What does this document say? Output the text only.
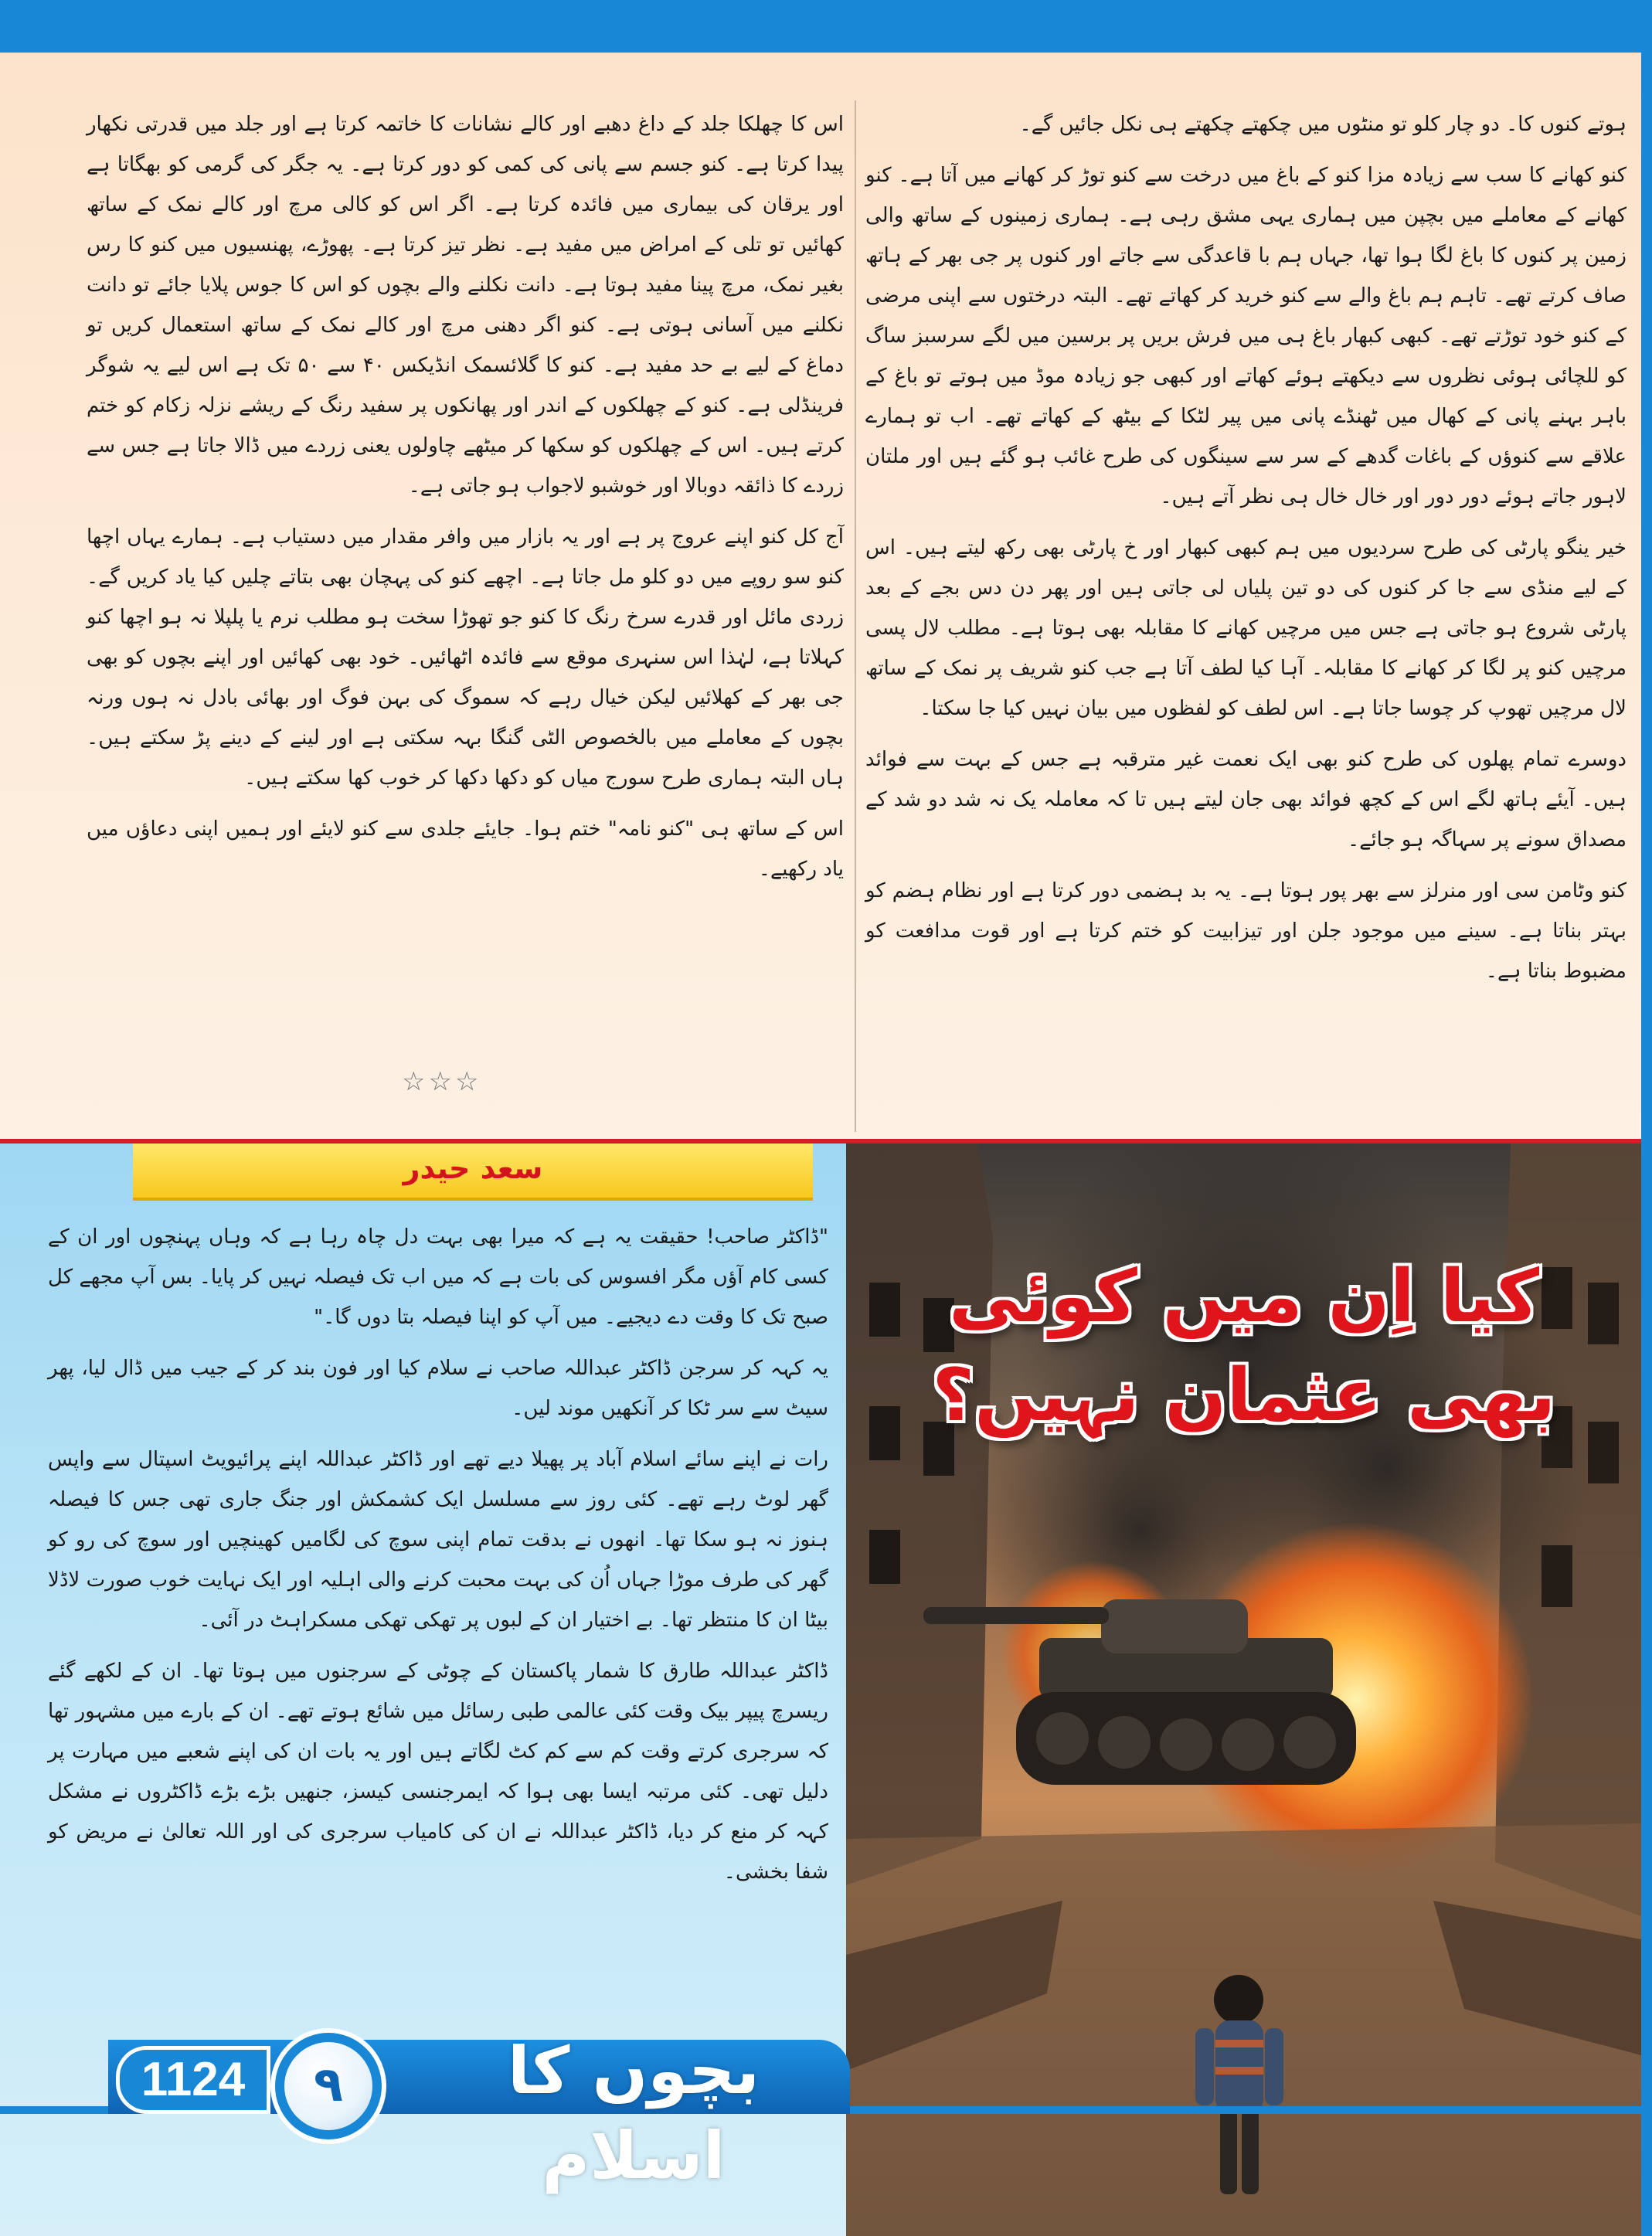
ہوتے کنوں کا۔ دو چار کلو تو منٹوں میں چکھتے چکھتے ہی نکل جائیں گے۔

کنو کھانے کا سب سے زیادہ مزا کنو کے باغ میں درخت سے کنو توڑ کر کھانے میں آتا ہے۔ کنو کھانے کے معاملے میں بچپن میں ہماری یہی مشق رہی ہے۔ ہماری زمینوں کے ساتھ والی زمین پر کنوں کا باغ لگا ہوا تھا، جہاں ہم با قاعدگی سے جاتے اور کنوں پر جی بھر کے ہاتھ صاف کرتے تھے۔ تاہم ہم باغ والے سے کنو خرید کر کھاتے تھے۔ البتہ درختوں سے اپنی مرضی کے کنو خود توڑتے تھے۔ کبھی کبھار باغ ہی میں فرش بریں پر برسین میں لگے سرسبز ساگ کو للچائی ہوئی نظروں سے دیکھتے ہوئے کھاتے اور کبھی جو زیادہ موڈ میں ہوتے تو باغ کے باہر بہنے پانی کے کھال میں ٹھنڈے پانی میں پیر لٹکا کے بیٹھ کے کھاتے تھے۔ اب تو ہمارے علاقے سے کنوؤں کے باغات گدھے کے سر سے سینگوں کی طرح غائب ہو گئے ہیں اور ملتان لاہور جاتے ہوئے دور دور اور خال خال ہی نظر آتے ہیں۔

خیر ینگو پارٹی کی طرح سردیوں میں ہم کبھی کبھار اور خ پارٹی بھی رکھ لیتے ہیں۔ اس کے لیے منڈی سے جا کر کنوں کی دو تین پلیاں لی جاتی ہیں اور پھر دن دس بجے کے بعد پارٹی شروع ہو جاتی ہے جس میں مرچیں کھانے کا مقابلہ بھی ہوتا ہے۔ مطلب لال پسی مرچیں کنو پر لگا کر کھانے کا مقابلہ۔ آہا کیا لطف آتا ہے جب کنو شریف پر نمک کے ساتھ لال مرچیں تھوپ کر چوسا جاتا ہے۔ اس لطف کو لفظوں میں بیان نہیں کیا جا سکتا۔

دوسرے تمام پھلوں کی طرح کنو بھی ایک نعمت غیر مترقبہ ہے جس کے بہت سے فوائد ہیں۔ آیئے ہاتھ لگے اس کے کچھ فوائد بھی جان لیتے ہیں تا کہ معاملہ یک نہ شد دو شد کے مصداق سونے پر سہاگہ ہو جائے۔

کنو وٹامن سی اور منرلز سے بھر پور ہوتا ہے۔ یہ بد ہضمی دور کرتا ہے اور نظام ہضم کو بہتر بناتا ہے۔ سینے میں موجود جلن اور تیزابیت کو ختم کرتا ہے اور قوت مدافعت کو مضبوط بناتا ہے۔

اس کا چھلکا جلد کے داغ دھبے اور کالے نشانات کا خاتمہ کرتا ہے اور جلد میں قدرتی نکھار پیدا کرتا ہے۔ کنو جسم سے پانی کی کمی کو دور کرتا ہے۔ یہ جگر کی گرمی کو بھگاتا ہے اور یرقان کی بیماری میں فائدہ کرتا ہے۔ اگر اس کو کالی مرچ اور کالے نمک کے ساتھ کھائیں تو تلی کے امراض میں مفید ہے۔ نظر تیز کرتا ہے۔ پھوڑے، پھنسیوں میں کنو کا رس بغیر نمک، مرچ پینا مفید ہوتا ہے۔ دانت نکلنے والے بچوں کو اس کا جوس پلایا جائے تو دانت نکلنے میں آسانی ہوتی ہے۔ کنو اگر دھنی مرچ اور کالے نمک کے ساتھ استعمال کریں تو دماغ کے لیے بے حد مفید ہے۔ کنو کا گلائسمک انڈیکس ۴۰ سے ۵۰ تک ہے اس لیے یہ شوگر فرینڈلی ہے۔ کنو کے چھلکوں کے اندر اور پھانکوں پر سفید رنگ کے ریشے نزلہ زکام کو ختم کرتے ہیں۔ اس کے چھلکوں کو سکھا کر میٹھے چاولوں یعنی زردے میں ڈالا جاتا ہے جس سے زردے کا ذائقہ دوبالا اور خوشبو لاجواب ہو جاتی ہے۔

آج کل کنو اپنے عروج پر ہے اور یہ بازار میں وافر مقدار میں دستیاب ہے۔ ہمارے یہاں اچھا کنو سو روپے میں دو کلو مل جاتا ہے۔ اچھے کنو کی پہچان بھی بتاتے چلیں کیا یاد کریں گے۔ زردی مائل اور قدرے سرخ رنگ کا کنو جو تھوڑا سخت ہو مطلب نرم یا پلپلا نہ ہو اچھا کنو کہلاتا ہے، لہٰذا اس سنہری موقع سے فائدہ اٹھائیں۔ خود بھی کھائیں اور اپنے بچوں کو بھی جی بھر کے کھلائیں لیکن خیال رہے کہ سموگ کی بہن فوگ اور بھائی بادل نہ ہوں ورنہ بچوں کے معاملے میں بالخصوص الٹی گنگا بہہ سکتی ہے اور لینے کے دینے پڑ سکتے ہیں۔ ہاں البتہ ہماری طرح سورج میاں کو دکھا دکھا کر خوب کھا سکتے ہیں۔

اس کے ساتھ ہی "کنو نامہ" ختم ہوا۔ جایئے جلدی سے کنو لایئے اور ہمیں اپنی دعاؤں میں یاد رکھیے۔

☆☆☆
سعد حیدر

"ڈاکٹر صاحب! حقیقت یہ ہے کہ میرا بھی بہت دل چاہ رہا ہے کہ وہاں پہنچوں اور ان کے کسی کام آؤں مگر افسوس کی بات ہے کہ میں اب تک فیصلہ نہیں کر پایا۔ بس آپ مجھے کل صبح تک کا وقت دے دیجیے۔ میں آپ کو اپنا فیصلہ بتا دوں گا۔"

یہ کہہ کر سرجن ڈاکٹر عبداللہ صاحب نے سلام کیا اور فون بند کر کے جیب میں ڈال لیا، پھر سیٹ سے سر ٹکا کر آنکھیں موند لیں۔

رات نے اپنے سائے اسلام آباد پر پھیلا دیے تھے اور ڈاکٹر عبداللہ اپنے پرائیویٹ اسپتال سے واپس گھر لوٹ رہے تھے۔ کئی روز سے مسلسل ایک کشمکش اور جنگ جاری تھی جس کا فیصلہ ہنوز نہ ہو سکا تھا۔ انھوں نے بدقت تمام اپنی سوچ کی لگامیں کھینچیں اور سوچ کی رو کو گھر کی طرف موڑا جہاں اُن کی بہت محبت کرنے والی اہلیہ اور ایک نہایت خوب صورت لاڈلا بیٹا ان کا منتظر تھا۔ بے اختیار ان کے لبوں پر تھکی تھکی مسکراہٹ در آئی۔

ڈاکٹر عبداللہ طارق کا شمار پاکستان کے چوٹی کے سرجنوں میں ہوتا تھا۔ ان کے لکھے گئے ریسرچ پیپر بیک وقت کئی عالمی طبی رسائل میں شائع ہوتے تھے۔ ان کے بارے میں مشہور تھا کہ سرجری کرتے وقت کم سے کم کٹ لگاتے ہیں اور یہ بات ان کی اپنے شعبے میں مہارت پر دلیل تھی۔ کئی مرتبہ ایسا بھی ہوا کہ ایمرجنسی کیسز، جنھیں بڑے بڑے ڈاکٹروں نے مشکل کہہ کر منع کر دیا، ڈاکٹر عبداللہ نے ان کی کامیاب سرجری کی اور اللہ تعالیٰ نے مریض کو شفا بخشی۔

کیا اِن میں کوئی
بھی عثمان نہیں؟
1124	۹	بچوں کا اسلام
